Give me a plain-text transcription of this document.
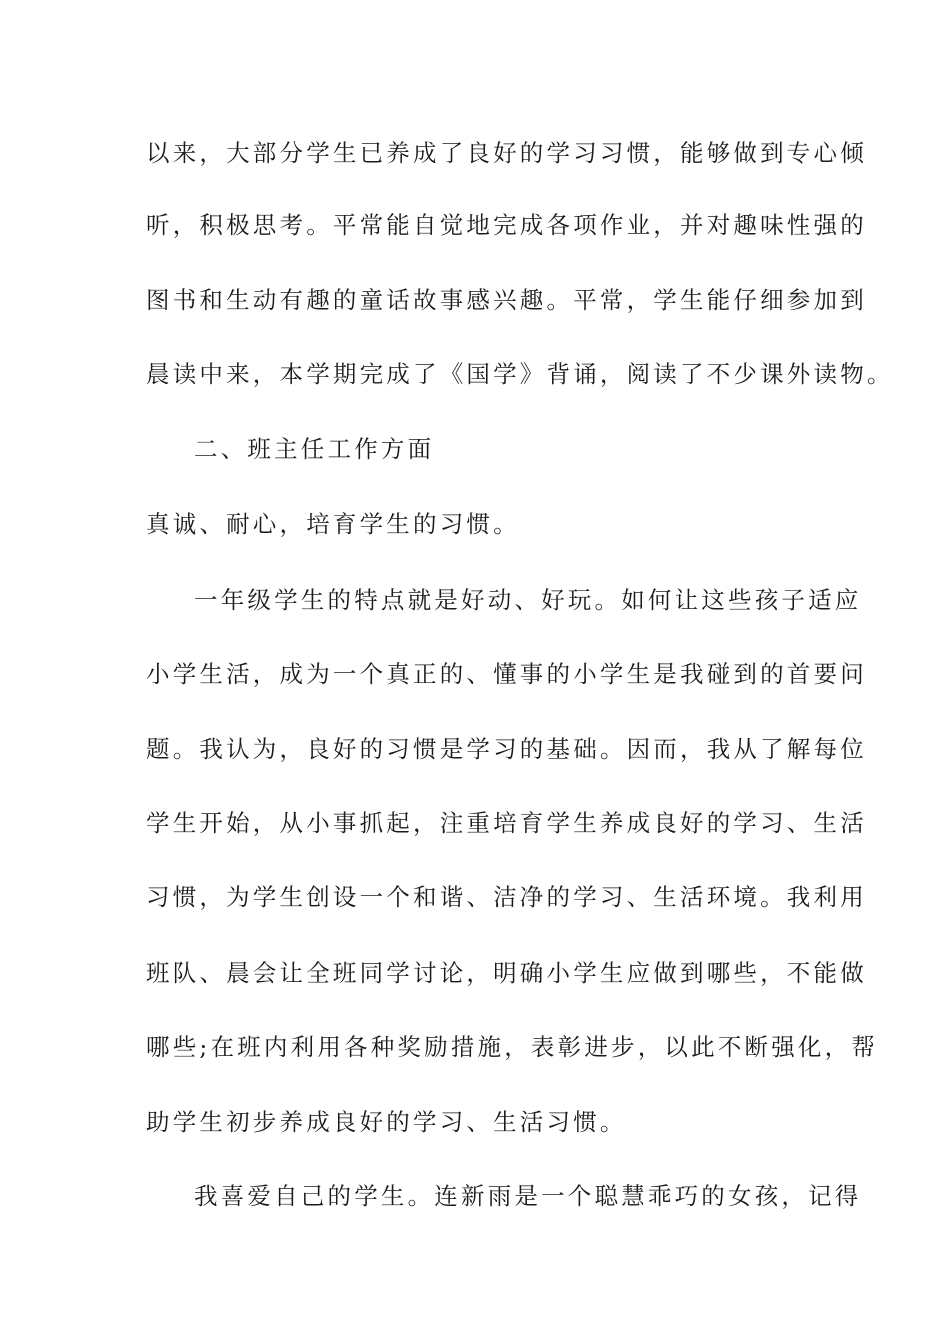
以来，大部分学生已养成了良好的学习习惯，能够做到专心倾
听，积极思考。平常能自觉地完成各项作业，并对趣味性强的
图书和生动有趣的童话故事感兴趣。平常，学生能仔细参加到
晨读中来，本学期完成了《国学》背诵，阅读了不少课外读物。
二、班主任工作方面
真诚、耐心，培育学生的习惯。
一年级学生的特点就是好动、好玩。如何让这些孩子适应
小学生活，成为一个真正的、懂事的小学生是我碰到的首要问
题。我认为，良好的习惯是学习的基础。因而，我从了解每位
学生开始，从小事抓起，注重培育学生养成良好的学习、生活
习惯，为学生创设一个和谐、洁净的学习、生活环境。我利用
班队、晨会让全班同学讨论，明确小学生应做到哪些，不能做
哪些;在班内利用各种奖励措施，表彰进步，以此不断强化，帮
助学生初步养成良好的学习、生活习惯。
我喜爱自己的学生。连新雨是一个聪慧乖巧的女孩，记得
